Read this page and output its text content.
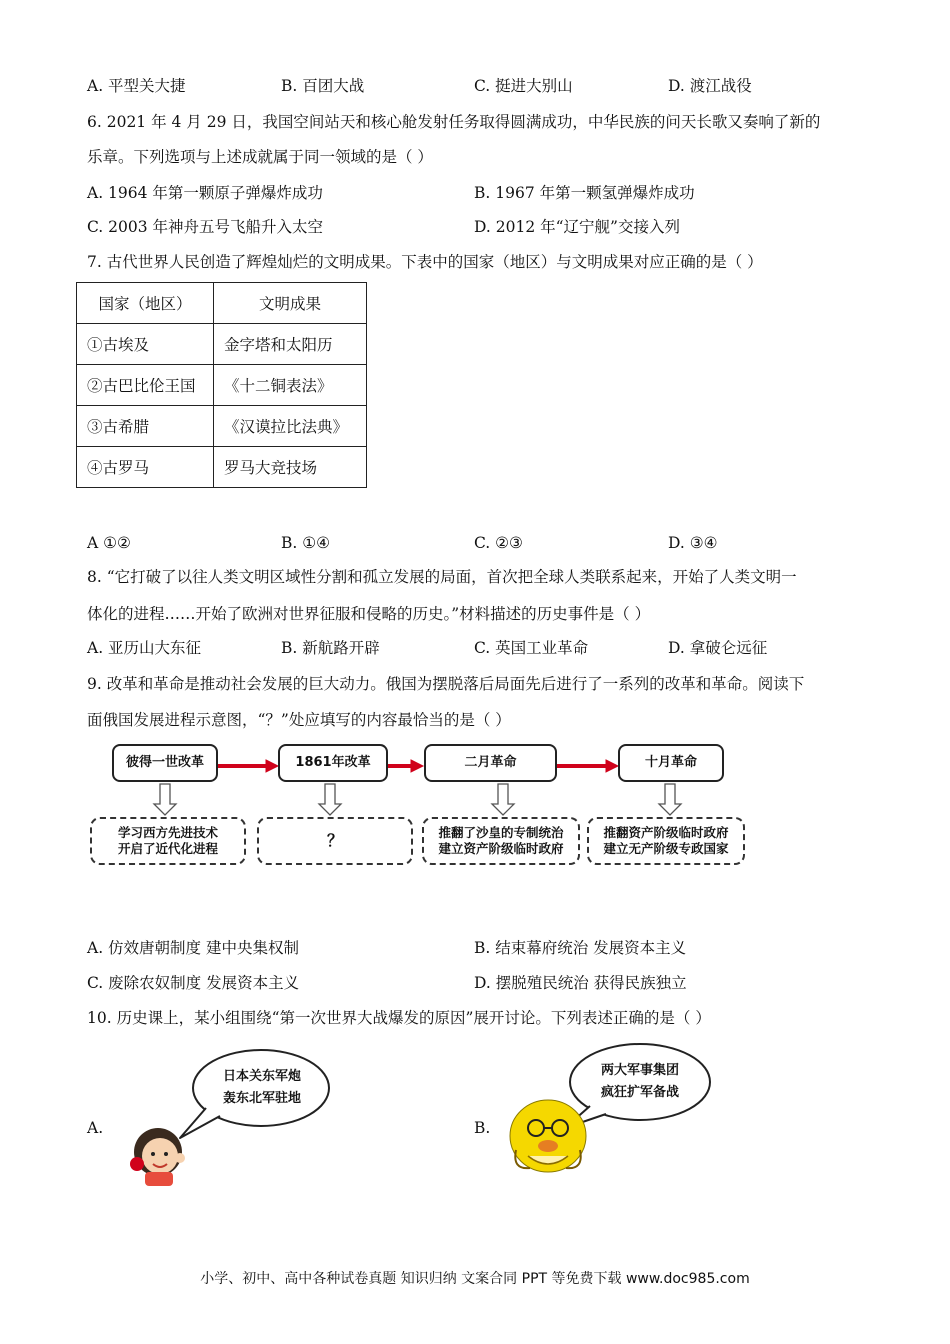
A. 平型关大捷	B. 百团大战	C. 挺进大别山	D. 渡江战役
6. 2021 年 4 月 29 日，我国空间站天和核心舱发射任务取得圆满成功，中华民族的问天长歌又奏响了新的
乐章。下列选项与上述成就属于同一领域的是（ ）
A. 1964 年第一颗原子弹爆炸成功	B. 1967 年第一颗氢弹爆炸成功
C. 2003 年神舟五号飞船升入太空	D. 2012 年“辽宁舰”交接入列
7. 古代世界人民创造了辉煌灿烂的文明成果。下表中的国家（地区）与文明成果对应正确的是（ ）
国家（地区）	文明成果
①古埃及	金字塔和太阳历
②古巴比伦王国	《十二铜表法》
③古希腊	《汉谟拉比法典》
④古罗马	罗马大竞技场
A ①②	B. ①④	C. ②③	D. ③④
8. “它打破了以往人类文明区域性分割和孤立发展的局面，首次把全球人类联系起来，开始了人类文明一
体化的进程……开始了欧洲对世界征服和侵略的历史。”材料描述的历史事件是（ ）
A. 亚历山大东征	B. 新航路开辟	C. 英国工业革命	D. 拿破仑远征
9. 改革和革命是推动社会发展的巨大动力。俄国为摆脱落后局面先后进行了一系列的改革和革命。阅读下
面俄国发展进程示意图，“？”处应填写的内容最恰当的是（ ）
彼得一世改革	1861年改革	二月革命	十月革命
学习西方先进技术
开启了近代化进程	？	推翻了沙皇的专制统治
建立资产阶级临时政府
推翻资产阶级临时政府
建立无产阶级专政国家
A. 仿效唐朝制度 建中央集权制	B. 结束幕府统治 发展资本主义
C. 废除农奴制度 发展资本主义	D. 摆脱殖民统治 获得民族独立
10. 历史课上，某小组围绕“第一次世界大战爆发的原因”展开讨论。下列表述正确的是（ ）
A.	B.
日本关东军炮
轰东北军驻地
两大军事集团
疯狂扩军备战
小学、初中、高中各种试卷真题 知识归纳 文案合同 PPT 等免费下载 www.doc985.com
